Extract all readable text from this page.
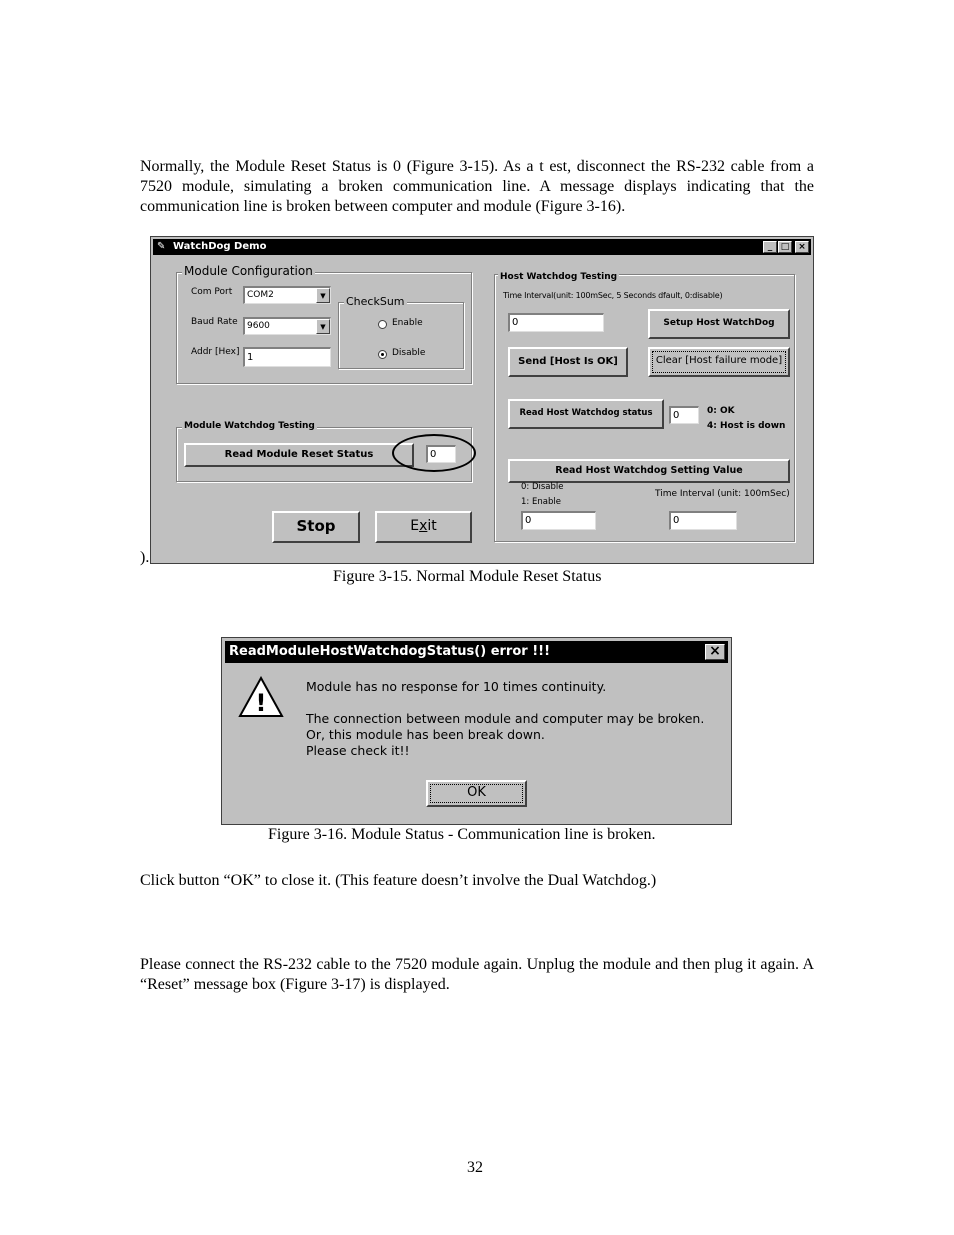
Normally, the Module Reset Status is 0 (Figure 3-15). As a t est, disconnect the RS-232 cable from a 7520 module, simulating a broken communication line. A message displays indicating that the communication line is broken between computer and module (Figure 3-16).
).
✎ WatchDog Demo	_ □ ×
Module Configuration
Com Port	COM2	▼
Baud Rate	9600	▼
Addr [Hex] 1
CheckSum
Enable
Disable
Module Watchdog Testing
Read Module Reset Status	0
Stop	Exit
Host Watchdog Testing
Time Interval(unit: 100mSec, 5 Seconds dfault, 0:disable)
0	Setup Host WatchDog
Send [Host Is OK]	Clear [Host failure mode]
Read Host Watchdog status	0	0: OK
4: Host is down
Read Host Watchdog Setting Value
0: Disable
1: Enable
Time Interval (unit: 100mSec)
0	0
Figure 3-15. Normal Module Reset Status
ReadModuleHostWatchdogStatus() error !!!	×
!
Module has no response for 10 times continuity.
The connection between module and computer may be broken.
Or, this module has been break down.
Please check it!!
OK
Figure 3-16. Module Status - Communication line is broken.
Click button “OK” to close it. (This feature doesn’t involve the Dual Watchdog.)
Please connect the RS-232 cable to the 7520 module again. Unplug the module and then plug it again. A “Reset” message box (Figure 3-17) is displayed.
32
